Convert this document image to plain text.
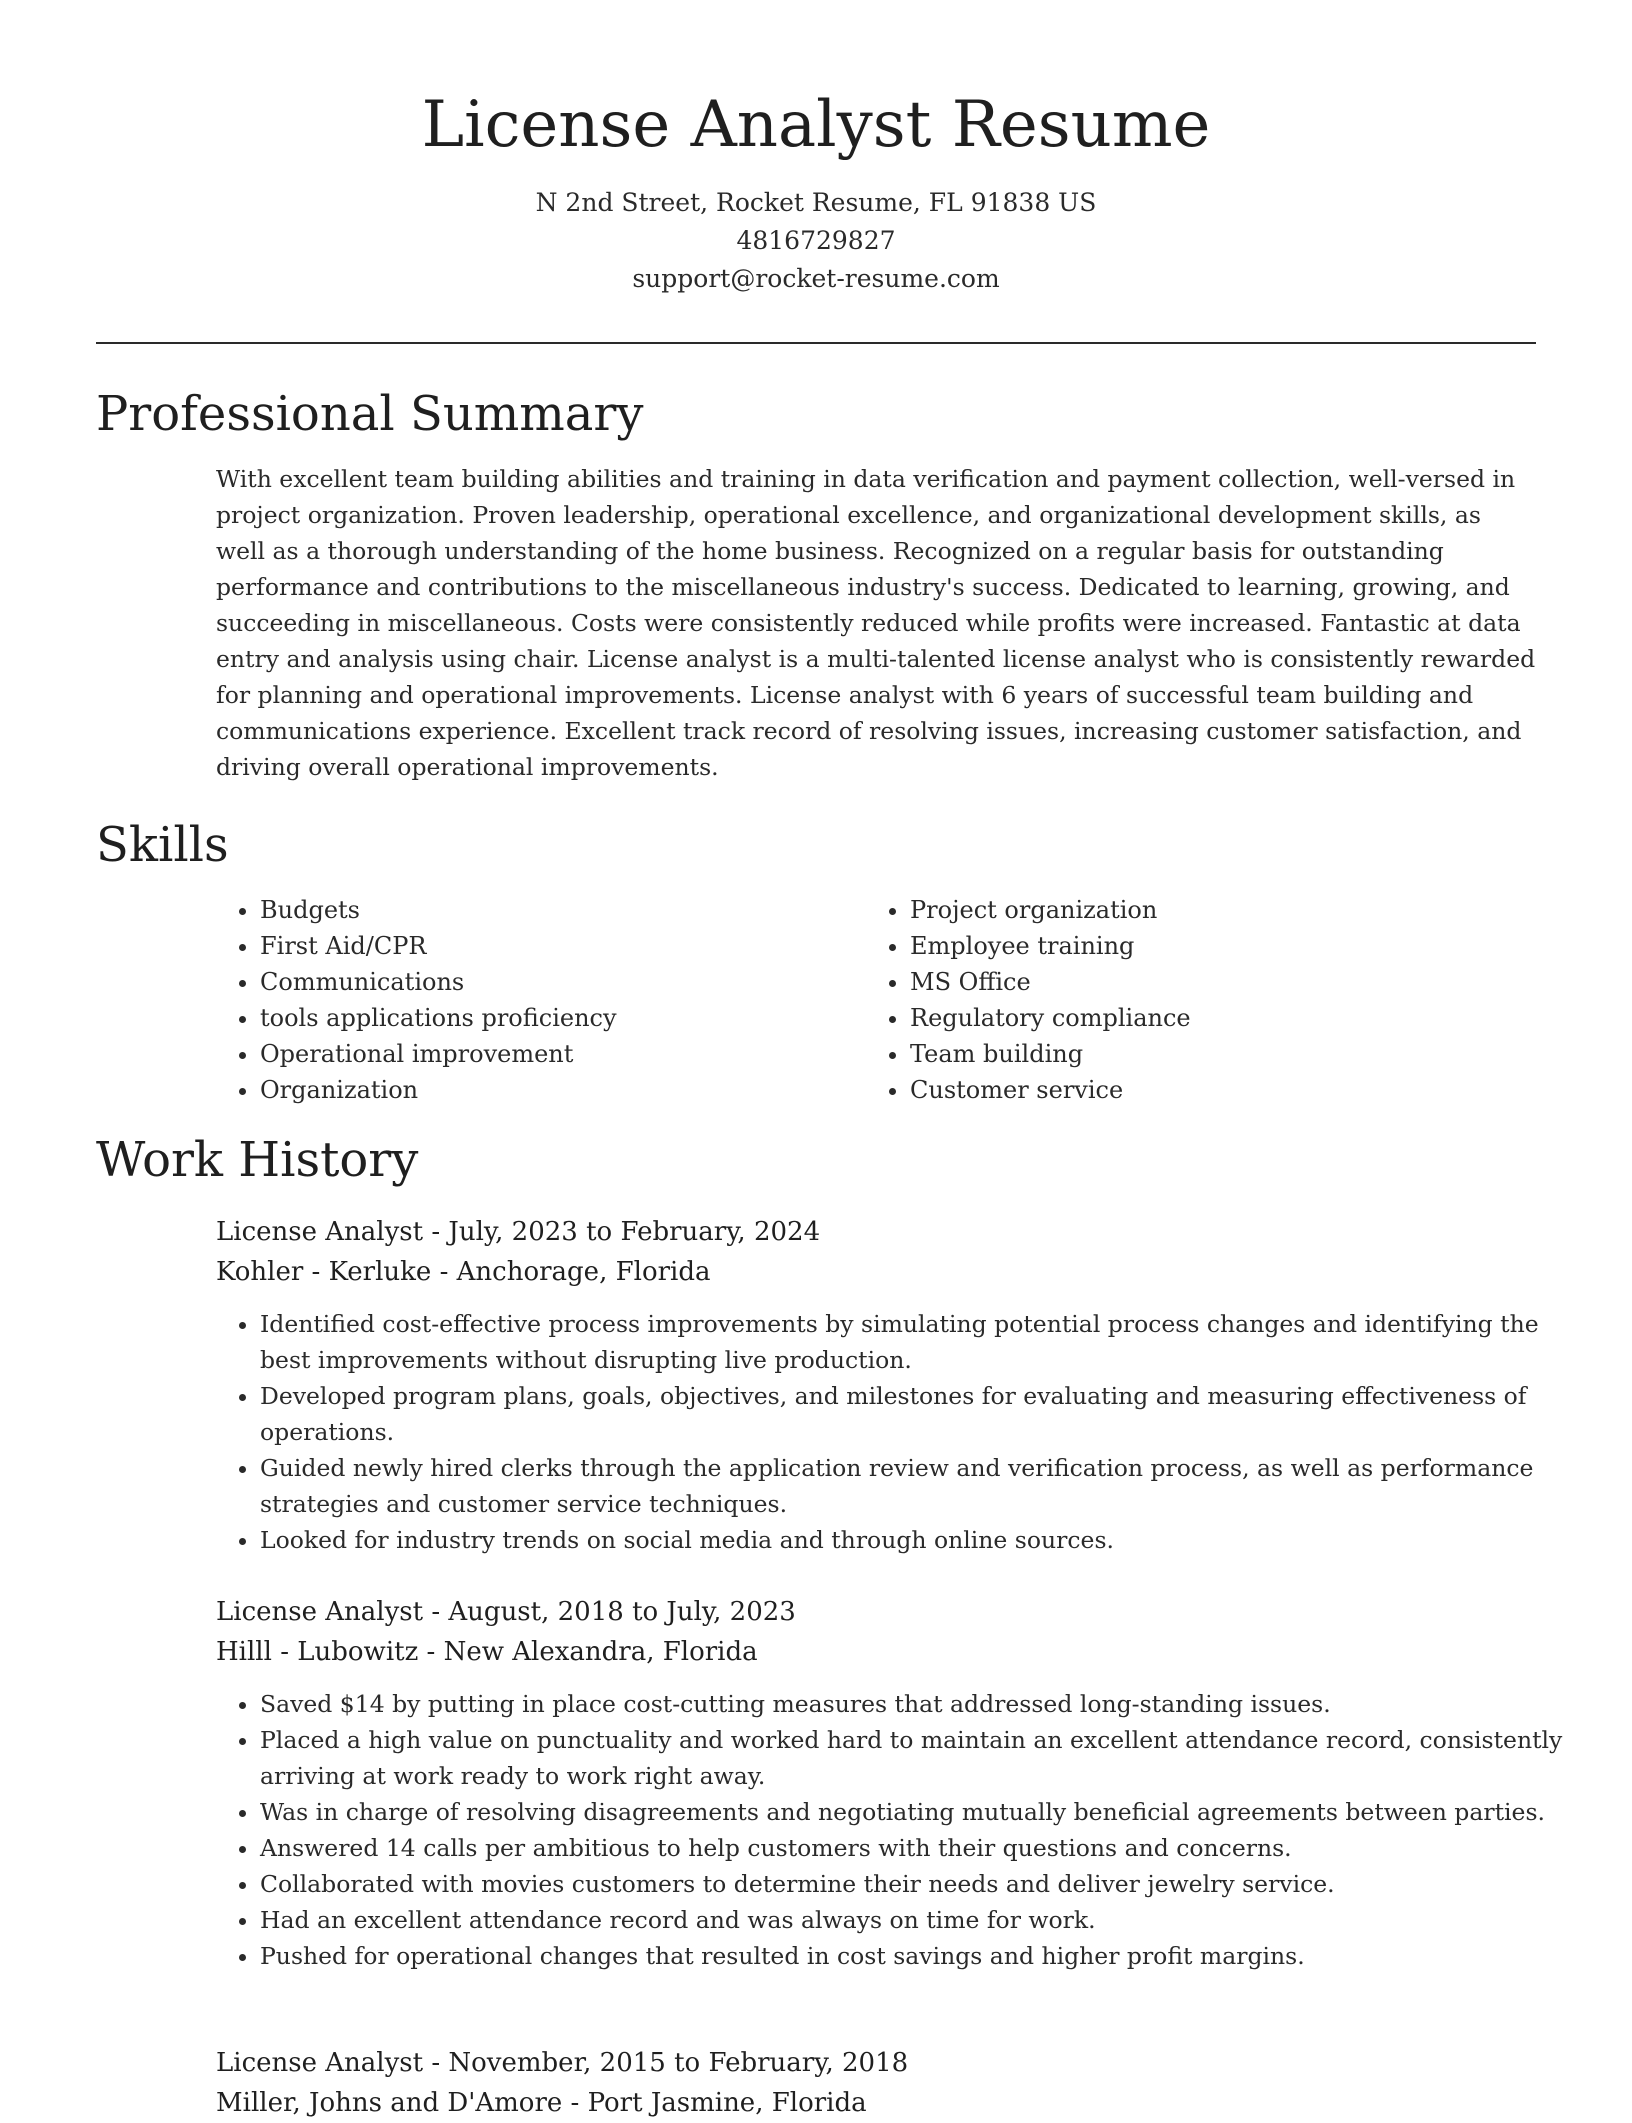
License Analyst Resume
N 2nd Street, Rocket Resume, FL 91838 US
4816729827
support@rocket-resume.com
Professional Summary

With excellent team building abilities and training in data verification and payment collection, well-versed in project organization. Proven leadership, operational excellence, and organizational development skills, as well as a thorough understanding of the home business. Recognized on a regular basis for outstanding performance and contributions to the miscellaneous industry's success. Dedicated to learning, growing, and succeeding in miscellaneous. Costs were consistently reduced while profits were increased. Fantastic at data entry and analysis using chair. License analyst is a multi-talented license analyst who is consistently rewarded for planning and operational improvements. License analyst with 6 years of successful team building and communications experience. Excellent track record of resolving issues, increasing customer satisfaction, and driving overall operational improvements.

Skills
• Budgets
• First Aid/CPR
• Communications
• tools applications proficiency
• Operational improvement
• Organization
• Project organization
• Employee training
• MS Office
• Regulatory compliance
• Team building
• Customer service
Work History
License Analyst - July, 2023 to February, 2024
Kohler - Kerluke - Anchorage, Florida
• Identified cost-effective process improvements by simulating potential process changes and identifying the best improvements without disrupting live production.
• Developed program plans, goals, objectives, and milestones for evaluating and measuring effectiveness of operations.
• Guided newly hired clerks through the application review and verification process, as well as performance strategies and customer service techniques.
• Looked for industry trends on social media and through online sources.
License Analyst - August, 2018 to July, 2023
Hilll - Lubowitz - New Alexandra, Florida
• Saved $14 by putting in place cost-cutting measures that addressed long-standing issues.
• Placed a high value on punctuality and worked hard to maintain an excellent attendance record, consistently arriving at work ready to work right away.
• Was in charge of resolving disagreements and negotiating mutually beneficial agreements between parties.
• Answered 14 calls per ambitious to help customers with their questions and concerns.
• Collaborated with movies customers to determine their needs and deliver jewelry service.
• Had an excellent attendance record and was always on time for work.
• Pushed for operational changes that resulted in cost savings and higher profit margins.
License Analyst - November, 2015 to February, 2018
Miller, Johns and D'Amore - Port Jasmine, Florida
